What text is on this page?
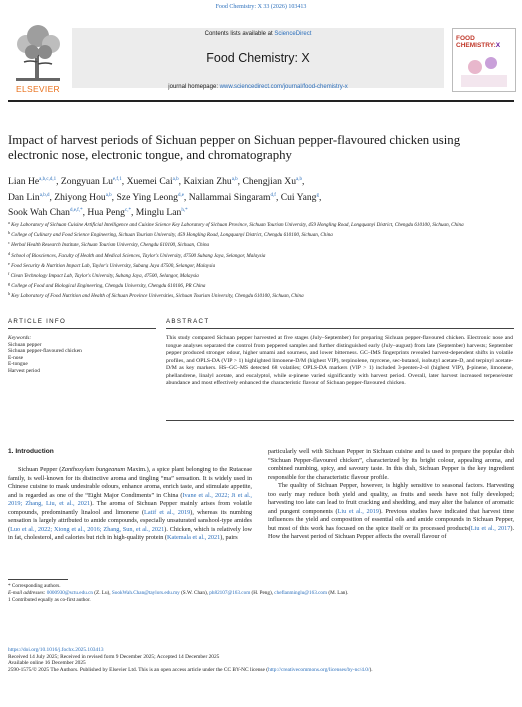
Food Chemistry: X 33 (2026) 103413
ELSEVIER
Contents lists available at ScienceDirect
Food Chemistry: X
journal homepage: www.sciencedirect.com/journal/food-chemistry-x
FOOD
CHEMISTRY:X
Impact of harvest periods of Sichuan pepper on Sichuan pepper-flavoured chicken using electronic nose, electronic tongue, and chromatography
Lian He$^{a,b,c,d,1}$, Zongyuan Lu$^{e,f,1}$, Xuemei Cai$^{a,b}$, Kaixian Zhu$^{a,b}$, Chengjian Xu$^{a,b}$,
Dan Lin$^{a,b,d}$, Zhiyong Hou$^{a,b}$, Sze Ying Leong$^{d,e}$, Nallammai Singaram$^{d,f}$, Cui Yang$^g$,
Sook Wah Chan$^{d,e,f,*}$, Hua Peng$^{c,*}$, Minglu Lan$^{h,*}$
$^a$ Key Laboratory of Sichuan Cuisine Artificial Intelligence and Cuisine Science Key Laboratory of Sichuan Province, Sichuan Tourism University, 459 Hongling Road, Longquanyi District, Chengdu 610100, Sichuan, China
$^b$ College of Culinary and Food Science Engineering, Sichuan Tourism University, 459 Hongling Road, Longquanyi District, Chengdu 610100, Sichuan, China
$^c$ Herbal Health Research Institute, Sichuan Tourism University, Chengdu 610100, Sichuan, China
$^d$ School of Biosciences, Faculty of Health and Medical Sciences, Taylor's University, 47500 Subang Jaya, Selangor, Malaysia
$^e$ Food Security & Nutrition Impact Lab, Taylor's University, Subang Jaya 47500, Selangor, Malaysia
$^f$ Clean Technology Impact Lab, Taylor's University, Subang Jaya, 47500, Selangor, Malaysia
$^g$ College of Food and Biological Engineering, Chengdu University, Chengdu 610106, PR China
$^h$ Key Laboratory of Food Nutrition and Health of Sichuan Province Universities, Sichuan Tourism University, Chengdu 610100, Sichuan, China
ARTICLE INFO	ABSTRACT
Keywords:
Sichuan pepper
Sichuan pepper-flavoured chicken
E-nose
E-tongue
Harvest period
This study compared Sichuan pepper harvested at five stages (July–September) for preparing Sichuan pepper-flavoured chicken. Electronic nose and tongue analyses separated the control from peppered samples and further distinguished early (July–august) from late (September) harvests; September pepper produced stronger odour, higher umami and sourness, and lower bitterness. GC–IMS fingerprints revealed harvest-dependent shifts in volatile profiles, and OPLS-DA (VIP > 1) highlighted limonene-D/M (highest VIP), terpinolene, myrcene, sec-butanol, isobutyl acetate-D, and terpinyl acetate-D/M as key markers. HS–GC–MS detected 68 volatiles; OPLS-DA markers (VIP > 1) included 3-penten-2-ol (highest VIP), β-pinene, limonene, phellandrene, linalyl acetate, and eucalyptol, while α-pinene varied significantly with harvest period. Overall, later harvest increased terpene/ester abundance and most effectively enhanced the characteristic flavour of Sichuan pepper-flavoured chicken.
1. Introduction

Sichuan Pepper (Zanthoxylum bungeanum Maxim.), a spice plant belonging to the Rutaceae family, is well-known for its distinctive aroma and tingling “ma” sensation. It is widely used in Chinese cuisine to mask undesirable odours, enhance aroma, enrich taste, and stimulate appetite, and is regarded as one of the “Eight Major Condiments” in China (Ivane et al., 2022; Ji et al., 2019; Zhang, Liu, et al., 2021). The aroma of Sichuan Pepper mainly arises from volatile compounds, predominantly linalool and limonene (Latif et al., 2019), whereas its numbing sensation is largely attributed to amide compounds, especially unsaturated sanshool-type amides (Luo et al., 2022; Xiong et al., 2016; Zhang, Sun, et al., 2021). Chicken, which is relatively low in fat, cholesterol, and calories but rich in high-quality protein (Katemala et al., 2021), pairs

particularly well with Sichuan Pepper in Sichuan cuisine and is used to prepare the popular dish “Sichuan Pepper-flavoured chicken”, characterized by its bright colour, appealing aroma, and combined numbing, spicy, and savoury taste. In this dish, Sichuan Pepper is the key ingredient responsible for the characteristic flavour profile.

The quality of Sichuan Pepper, however, is highly sensitive to seasonal factors. Harvesting too early may reduce both yield and quality, as fruits and seeds have not fully developed; harvesting too late can lead to fruit cracking and shedding, and may alter the balance of aromatic and pungent components (Liu et al., 2019). Previous studies have indicated that harvest time influences the yield and composition of essential oils and amide compounds in Sichuan Pepper, but most of this work has focused on the spice itself or its processed products(Liu et al., 2017). How the harvest period of Sichuan Pepper affects the overall flavour of

* Corresponding authors.
E-mail addresses: 0000930@sctu.edu.cn (Z. Lu), SookWah.Chan@taylors.edu.my (S.W. Chan), ph82107@163.com (H. Peng), cheflanminglu@163.com (M. Lan).
1 Contributed equally as co-first author.
https://doi.org/10.1016/j.fochx.2025.103413
Received 14 July 2025; Received in revised form 9 December 2025; Accepted 14 December 2025
Available online 16 December 2025
2590-1575/© 2025 The Authors. Published by Elsevier Ltd. This is an open access article under the CC BY-NC license (http://creativecommons.org/licenses/by-nc/4.0/).
